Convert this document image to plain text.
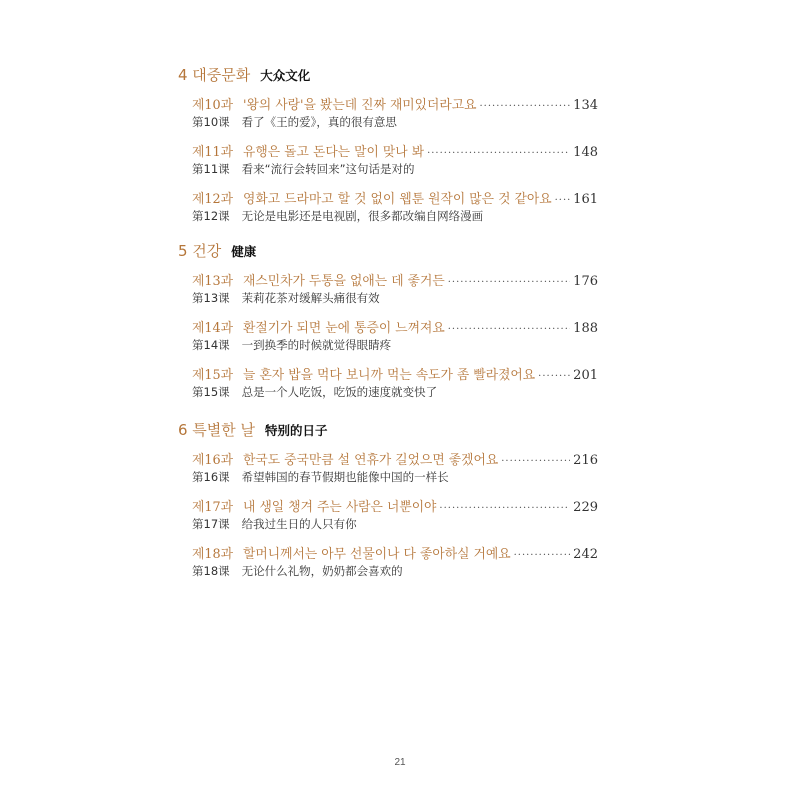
4 대중문화 大众文化
제10과 '왕의 사랑'을 봤는데 진짜 재미있더라고요 ·····	134
第10课 看了《王的爱》，真的很有意思
제11과 유행은 돌고 돈다는 말이 맞나 봐 ·····	148
第11课 看来“流行会转回来”这句话是对的
제12과 영화고 드라마고 할 것 없이 웹툰 원작이 많은 것 같아요 ····· 161
第12课 无论是电影还是电视剧，很多都改编自网络漫画
5 건강 健康
제13과 재스민차가 두통을 없애는 데 좋거든 ·····	176
第13课 茉莉花茶对缓解头痛很有效
제14과 환절기가 되면 눈에 통증이 느껴져요 ·····	188
第14课 一到换季的时候就觉得眼睛疼
제15과 늘 혼자 밥을 먹다 보니까 먹는 속도가 좀 빨라졌어요 ·····	201
第15课 总是一个人吃饭，吃饭的速度就变快了
6 특별한 날 特别的日子
제16과 한국도 중국만큼 설 연휴가 길었으면 좋겠어요 ·····	216
第16课 希望韩国的春节假期也能像中国的一样长
제17과 내 생일 챙겨 주는 사람은 너뿐이야 ·····	229
第17课 给我过生日的人只有你
제18과 할머니께서는 아무 선물이나 다 좋아하실 거예요 ·····	242
第18课 无论什么礼物，奶奶都会喜欢的
21
